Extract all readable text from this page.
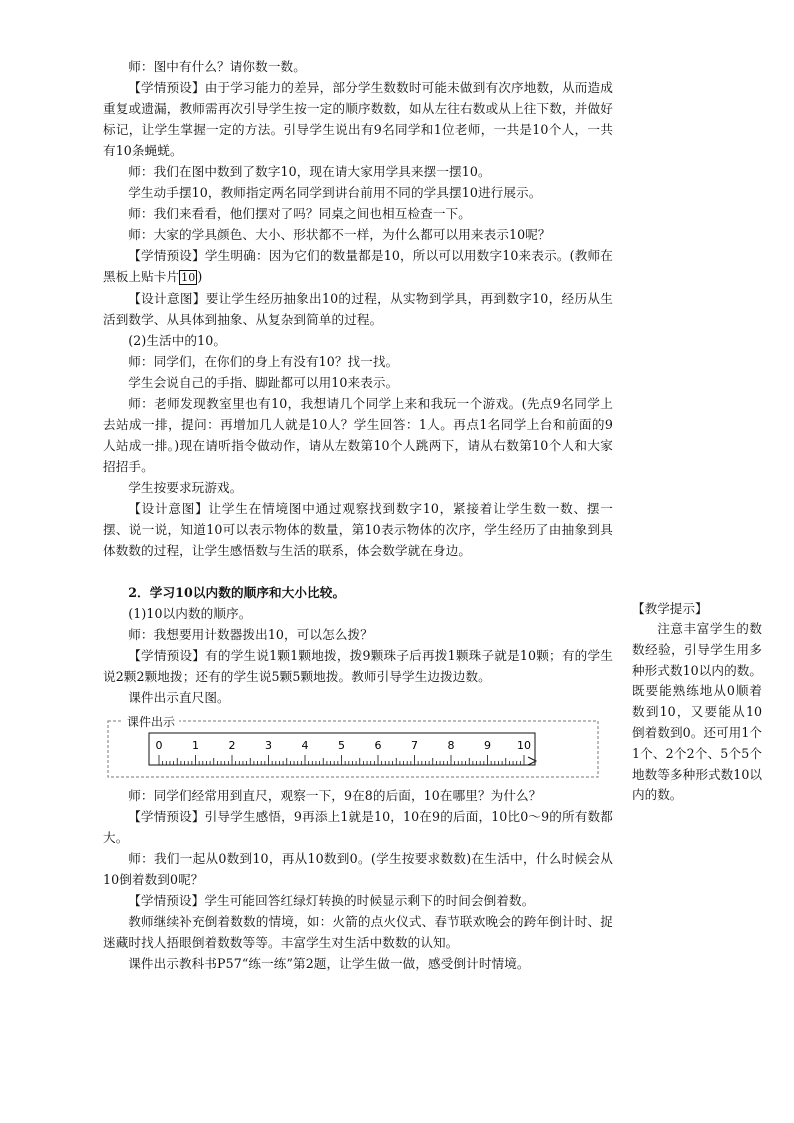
师：图中有什么？请你数一数。

【学情预设】由于学习能力的差异，部分学生数数时可能未做到有次序地数，从而造成重复或遗漏，教师需再次引导学生按一定的顺序数数，如从左往右数或从上往下数，并做好标记，让学生掌握一定的方法。引导学生说出有9名同学和1位老师，一共是10个人，一共有10条蝇蜣。

师：我们在图中数到了数字10，现在请大家用学具来摆一摆10。

学生动手摆10，教师指定两名同学到讲台前用不同的学具摆10进行展示。

师：我们来看看，他们摆对了吗？同桌之间也相互检查一下。

师：大家的学具颜色、大小、形状都不一样，为什么都可以用来表示10呢？

【学情预设】学生明确：因为它们的数量都是10，所以可以用数字10来表示。(教师在黑板上贴卡片 10 )

【设计意图】要让学生经历抽象出10的过程，从实物到学具，再到数字10，经历从生活到数学、从具体到抽象、从复杂到简单的过程。

(2)生活中的10。

师：同学们，在你们的身上有没有10？找一找。

学生会说自己的手指、脚趾都可以用10来表示。

师：老师发现教室里也有10，我想请几个同学上来和我玩一个游戏。(先点9名同学上去站成一排，提问：再增加几人就是10人？学生回答：1人。再点1名同学上台和前面的9人站成一排。)现在请听指令做动作，请从左数第10个人跳两下，请从右数第10个人和大家招招手。

学生按要求玩游戏。

【设计意图】让学生在情境图中通过观察找到数字10，紧接着让学生数一数、摆一摆、说一说，知道10可以表示物体的数量，第10表示物体的次序，学生经历了由抽象到具体数数的过程，让学生感悟数与生活的联系，体会数学就在身边。

2．学习10以内数的顺序和大小比较。

(1)10以内数的顺序。

师：我想要用计数器拨出10，可以怎么拨？

【学情预设】有的学生说1颗1颗地拨，拨9颗珠子后再拨1颗珠子就是10颗；有的学生说2颗2颗地拨；还有的学生说5颗5颗地拨。教师引导学生边拨边数。

课件出示直尺图。

0	1	2	3	4	5	6	7	8	9 10
课件出示

师：同学们经常用到直尺，观察一下，9在8的后面，10在哪里？为什么？

【学情预设】引导学生感悟，9再添上1就是10，10在9的后面，10比0～9的所有数都大。

师：我们一起从0数到10，再从10数到0。(学生按要求数数)在生活中，什么时候会从10倒着数到0呢？

【学情预设】学生可能回答红绿灯转换的时候显示剩下的时间会倒着数。

教师继续补充倒着数数的情境，如：火箭的点火仪式、春节联欢晚会的跨年倒计时、捉迷藏时找人捂眼倒着数数等等。丰富学生对生活中数数的认知。

课件出示教科书P57“练一练”第2题，让学生做一做，感受倒计时情境。

【教学提示】

注意丰富学生的数数经验，引导学生用多种形式数10以内的数。既要能熟练地从0顺着数到10，又要能从10倒着数到0。还可用1个1个、2个2个、5个5个地数等多种形式数10以内的数。
